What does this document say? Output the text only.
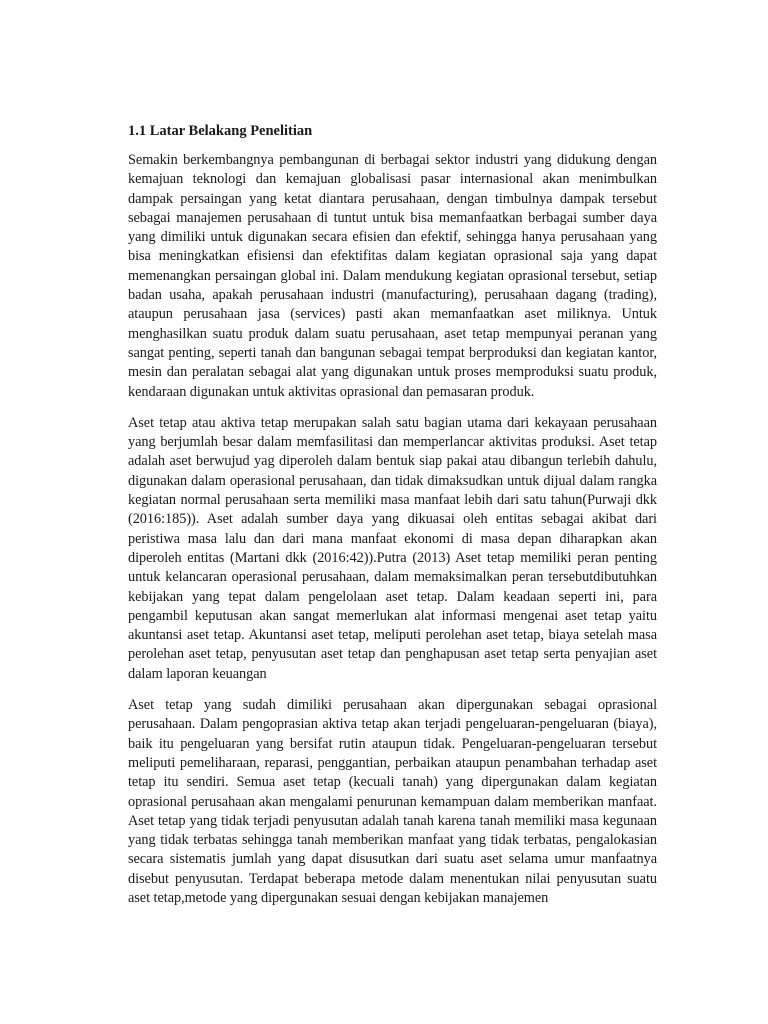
1.1 Latar Belakang Penelitian

Semakin berkembangnya pembangunan di berbagai sektor industri yang didukung dengan kemajuan teknologi dan kemajuan globalisasi pasar internasional akan menimbulkan dampak persaingan yang ketat diantara perusahaan, dengan timbulnya dampak tersebut sebagai manajemen perusahaan di tuntut untuk bisa memanfaatkan berbagai sumber daya yang dimiliki untuk digunakan secara efisien dan efektif, sehingga hanya perusahaan yang bisa meningkatkan efisiensi dan efektifitas dalam kegiatan oprasional saja yang dapat memenangkan persaingan global ini. Dalam mendukung kegiatan oprasional tersebut, setiap badan usaha, apakah perusahaan industri (manufacturing), perusahaan dagang (trading), ataupun perusahaan jasa (services) pasti akan memanfaatkan aset miliknya. Untuk menghasilkan suatu produk dalam suatu perusahaan, aset tetap mempunyai peranan yang sangat penting, seperti tanah dan bangunan sebagai tempat berproduksi dan kegiatan kantor, mesin dan peralatan sebagai alat yang digunakan untuk proses memproduksi suatu produk, kendaraan digunakan untuk aktivitas oprasional dan pemasaran produk.

Aset tetap atau aktiva tetap merupakan salah satu bagian utama dari kekayaan perusahaan yang berjumlah besar dalam memfasilitasi dan memperlancar aktivitas produksi. Aset tetap adalah aset berwujud yag diperoleh dalam bentuk siap pakai atau dibangun terlebih dahulu, digunakan dalam operasional perusahaan, dan tidak dimaksudkan untuk dijual dalam rangka kegiatan normal perusahaan serta memiliki masa manfaat lebih dari satu tahun(Purwaji dkk (2016:185)). Aset adalah sumber daya yang dikuasai oleh entitas sebagai akibat dari peristiwa masa lalu dan dari mana manfaat ekonomi di masa depan diharapkan akan diperoleh entitas (Martani dkk (2016:42)).Putra (2013) Aset tetap memiliki peran penting untuk kelancaran operasional perusahaan, dalam memaksimalkan peran tersebutdibutuhkan kebijakan yang tepat dalam pengelolaan aset tetap. Dalam keadaan seperti ini, para pengambil keputusan akan sangat memerlukan alat informasi mengenai aset tetap yaitu akuntansi aset tetap. Akuntansi aset tetap, meliputi perolehan aset tetap, biaya setelah masa perolehan aset tetap, penyusutan aset tetap dan penghapusan aset tetap serta penyajian aset dalam laporan keuangan

Aset tetap yang sudah dimiliki perusahaan akan dipergunakan sebagai oprasional perusahaan. Dalam pengoprasian aktiva tetap akan terjadi pengeluaran-pengeluaran (biaya), baik itu pengeluaran yang bersifat rutin ataupun tidak. Pengeluaran-pengeluaran tersebut meliputi pemeliharaan, reparasi, penggantian, perbaikan ataupun penambahan terhadap aset tetap itu sendiri. Semua aset tetap (kecuali tanah) yang dipergunakan dalam kegiatan oprasional perusahaan akan mengalami penurunan kemampuan dalam memberikan manfaat. Aset tetap yang tidak terjadi penyusutan adalah tanah karena tanah memiliki masa kegunaan yang tidak terbatas sehingga tanah memberikan manfaat yang tidak terbatas, pengalokasian secara sistematis jumlah yang dapat disusutkan dari suatu aset selama umur manfaatnya disebut penyusutan. Terdapat beberapa metode dalam menentukan nilai penyusutan suatu aset tetap,metode yang dipergunakan sesuai dengan kebijakan manajemen
